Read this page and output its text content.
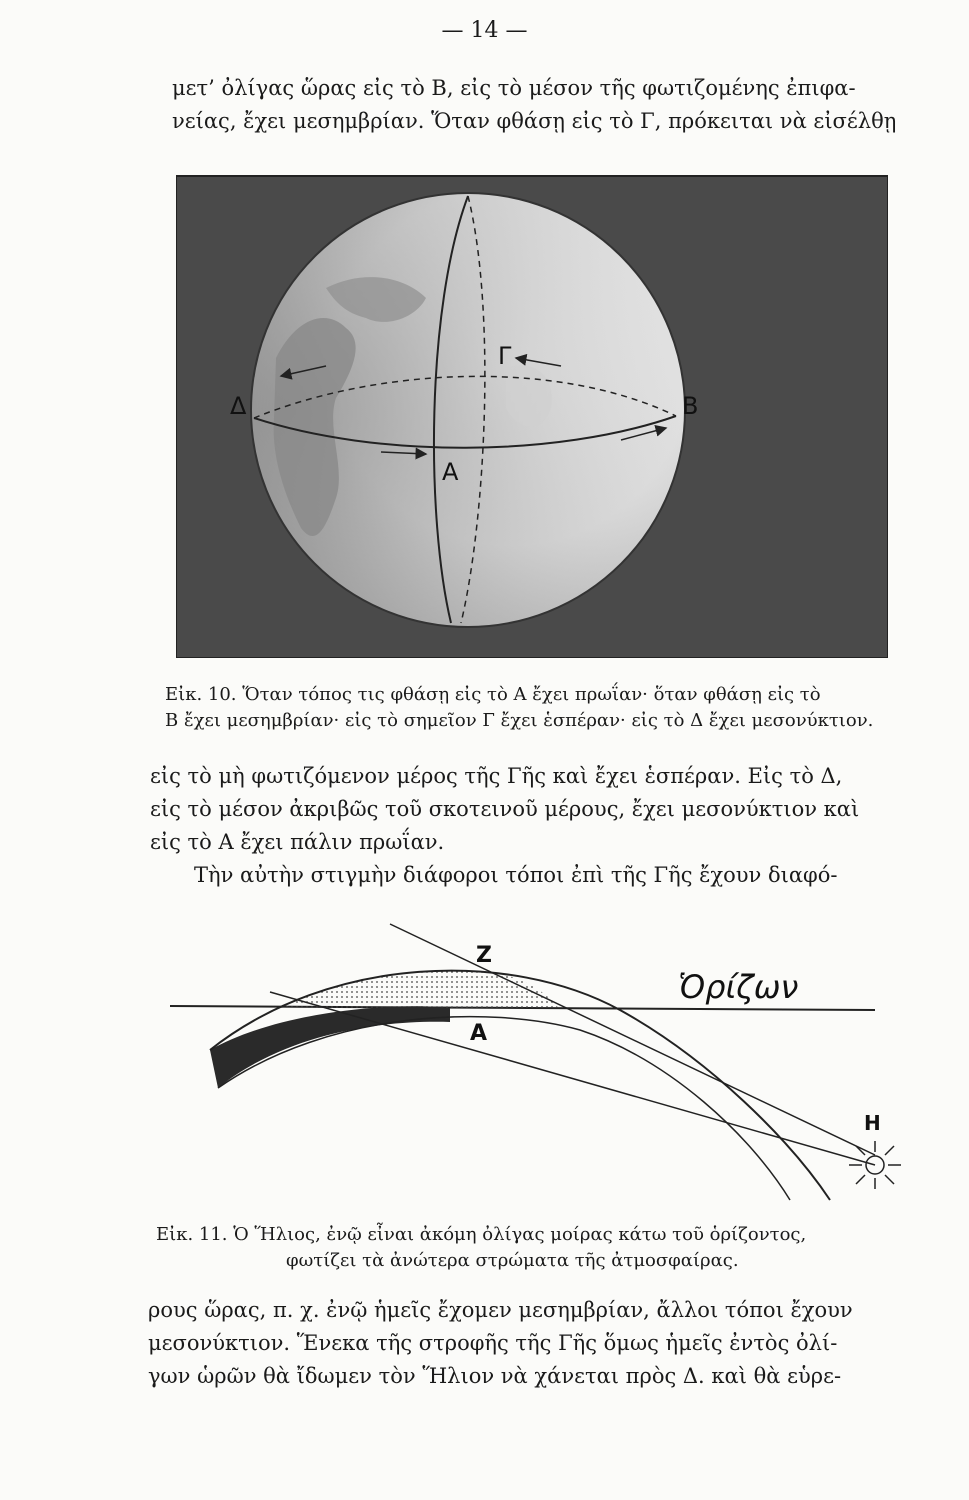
— 14 —
μετ’ ὀλίγας ὥρας εἰς τὸ Β, εἰς τὸ μέσον τῆς φωτιζομένης ἐπιφα-
νείας, ἔχει μεσημβρίαν. Ὅταν φθάσῃ εἰς τὸ Γ, πρόκειται νὰ εἰσέλθῃ
A
B
Γ
Δ
Εἰκ. 10. Ὅταν τόπος τις φθάσῃ εἰς τὸ Α ἔχει πρωΐαν· ὅταν φθάσῃ εἰς τὸ
Β ἔχει μεσημβρίαν· εἰς τὸ σημεῖον Γ ἔχει ἑσπέραν· εἰς τὸ Δ ἔχει μεσονύκτιον.
εἰς τὸ μὴ φωτιζόμενον μέρος τῆς Γῆς καὶ ἔχει ἑσπέραν. Εἰς τὸ Δ,
εἰς τὸ μέσον ἀκριβῶς τοῦ σκοτεινοῦ μέρους, ἔχει μεσονύκτιον καὶ
εἰς τὸ Α ἔχει πάλιν πρωΐαν.
Τὴν αὐτὴν στιγμὴν διάφοροι τόποι ἐπὶ τῆς Γῆς ἔχουν διαφό-
Z
A
H
Ὁρίζων
Εἰκ. 11. Ὁ Ἥλιος, ἐνῷ εἶναι ἀκόμη ὀλίγας μοίρας κάτω τοῦ ὁρίζοντος,
φωτίζει τὰ ἀνώτερα στρώματα τῆς ἀτμοσφαίρας.
ρους ὥρας, π. χ. ἐνῷ ἡμεῖς ἔχομεν μεσημβρίαν, ἄλλοι τόποι ἔχουν
μεσονύκτιον. Ἕνεκα τῆς στροφῆς τῆς Γῆς ὅμως ἡμεῖς ἐντὸς ὀλί-
γων ὡρῶν θὰ ἴδωμεν τὸν Ἥλιον νὰ χάνεται πρὸς Δ. καὶ θὰ εὑρε-
